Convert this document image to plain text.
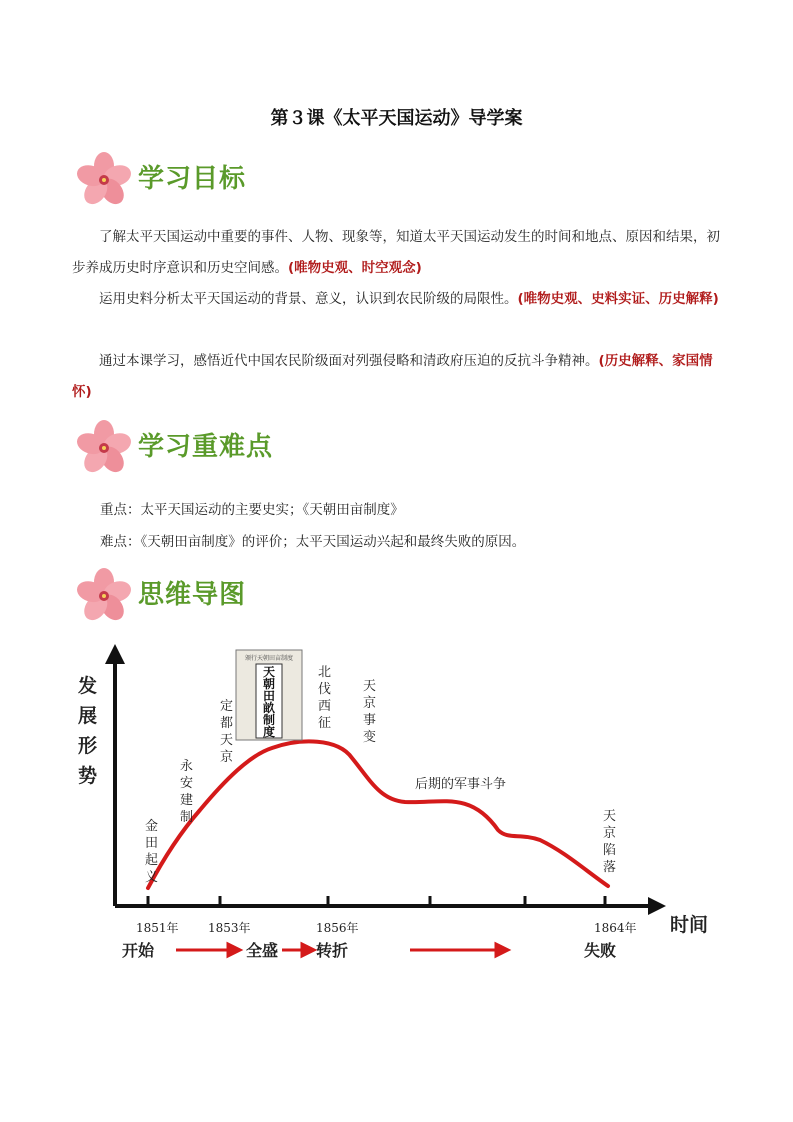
第３课《太平天国运动》导学案
学习目标
了解太平天国运动中重要的事件、人物、现象等，知道太平天国运动发生的时间和地点、原因和结果，初步养成历史时序意识和历史空间感。(唯物史观、时空观念)
运用史料分析太平天国运动的背景、意义，认识到农民阶级的局限性。(唯物史观、史料实证、历史解释)
通过本课学习，感悟近代中国农民阶级面对列强侵略和清政府压迫的反抗斗争精神。(历史解释、家国情怀)
学习重难点
重点：太平天国运动的主要史实；《天朝田亩制度》
难点：《天朝田亩制度》的评价；太平天国运动兴起和最终失败的原因。
思维导图
发
展
形
势
时间
颁行天朝田亩制度
天朝田畝制度
金田起义
永安建制
定都天京
北伐西征
天京事变
后期的军事斗争
天京陷落
1851年 1853年	1856年	1864年
开始	全盛 转折	失败
